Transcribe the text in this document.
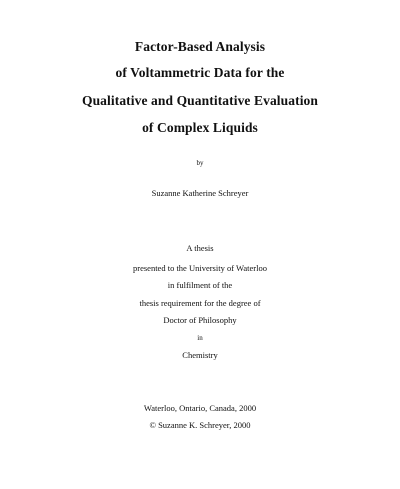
Factor-Based Analysis
of Voltammetric Data for the
Qualitative and Quantitative Evaluation
of Complex Liquids
by
Suzanne Katherine Schreyer
A thesis
presented to the University of Waterloo
in fulfilment of the
thesis requirement for the degree of
Doctor of Philosophy
in
Chemistry
Waterloo, Ontario, Canada, 2000
© Suzanne K. Schreyer, 2000
